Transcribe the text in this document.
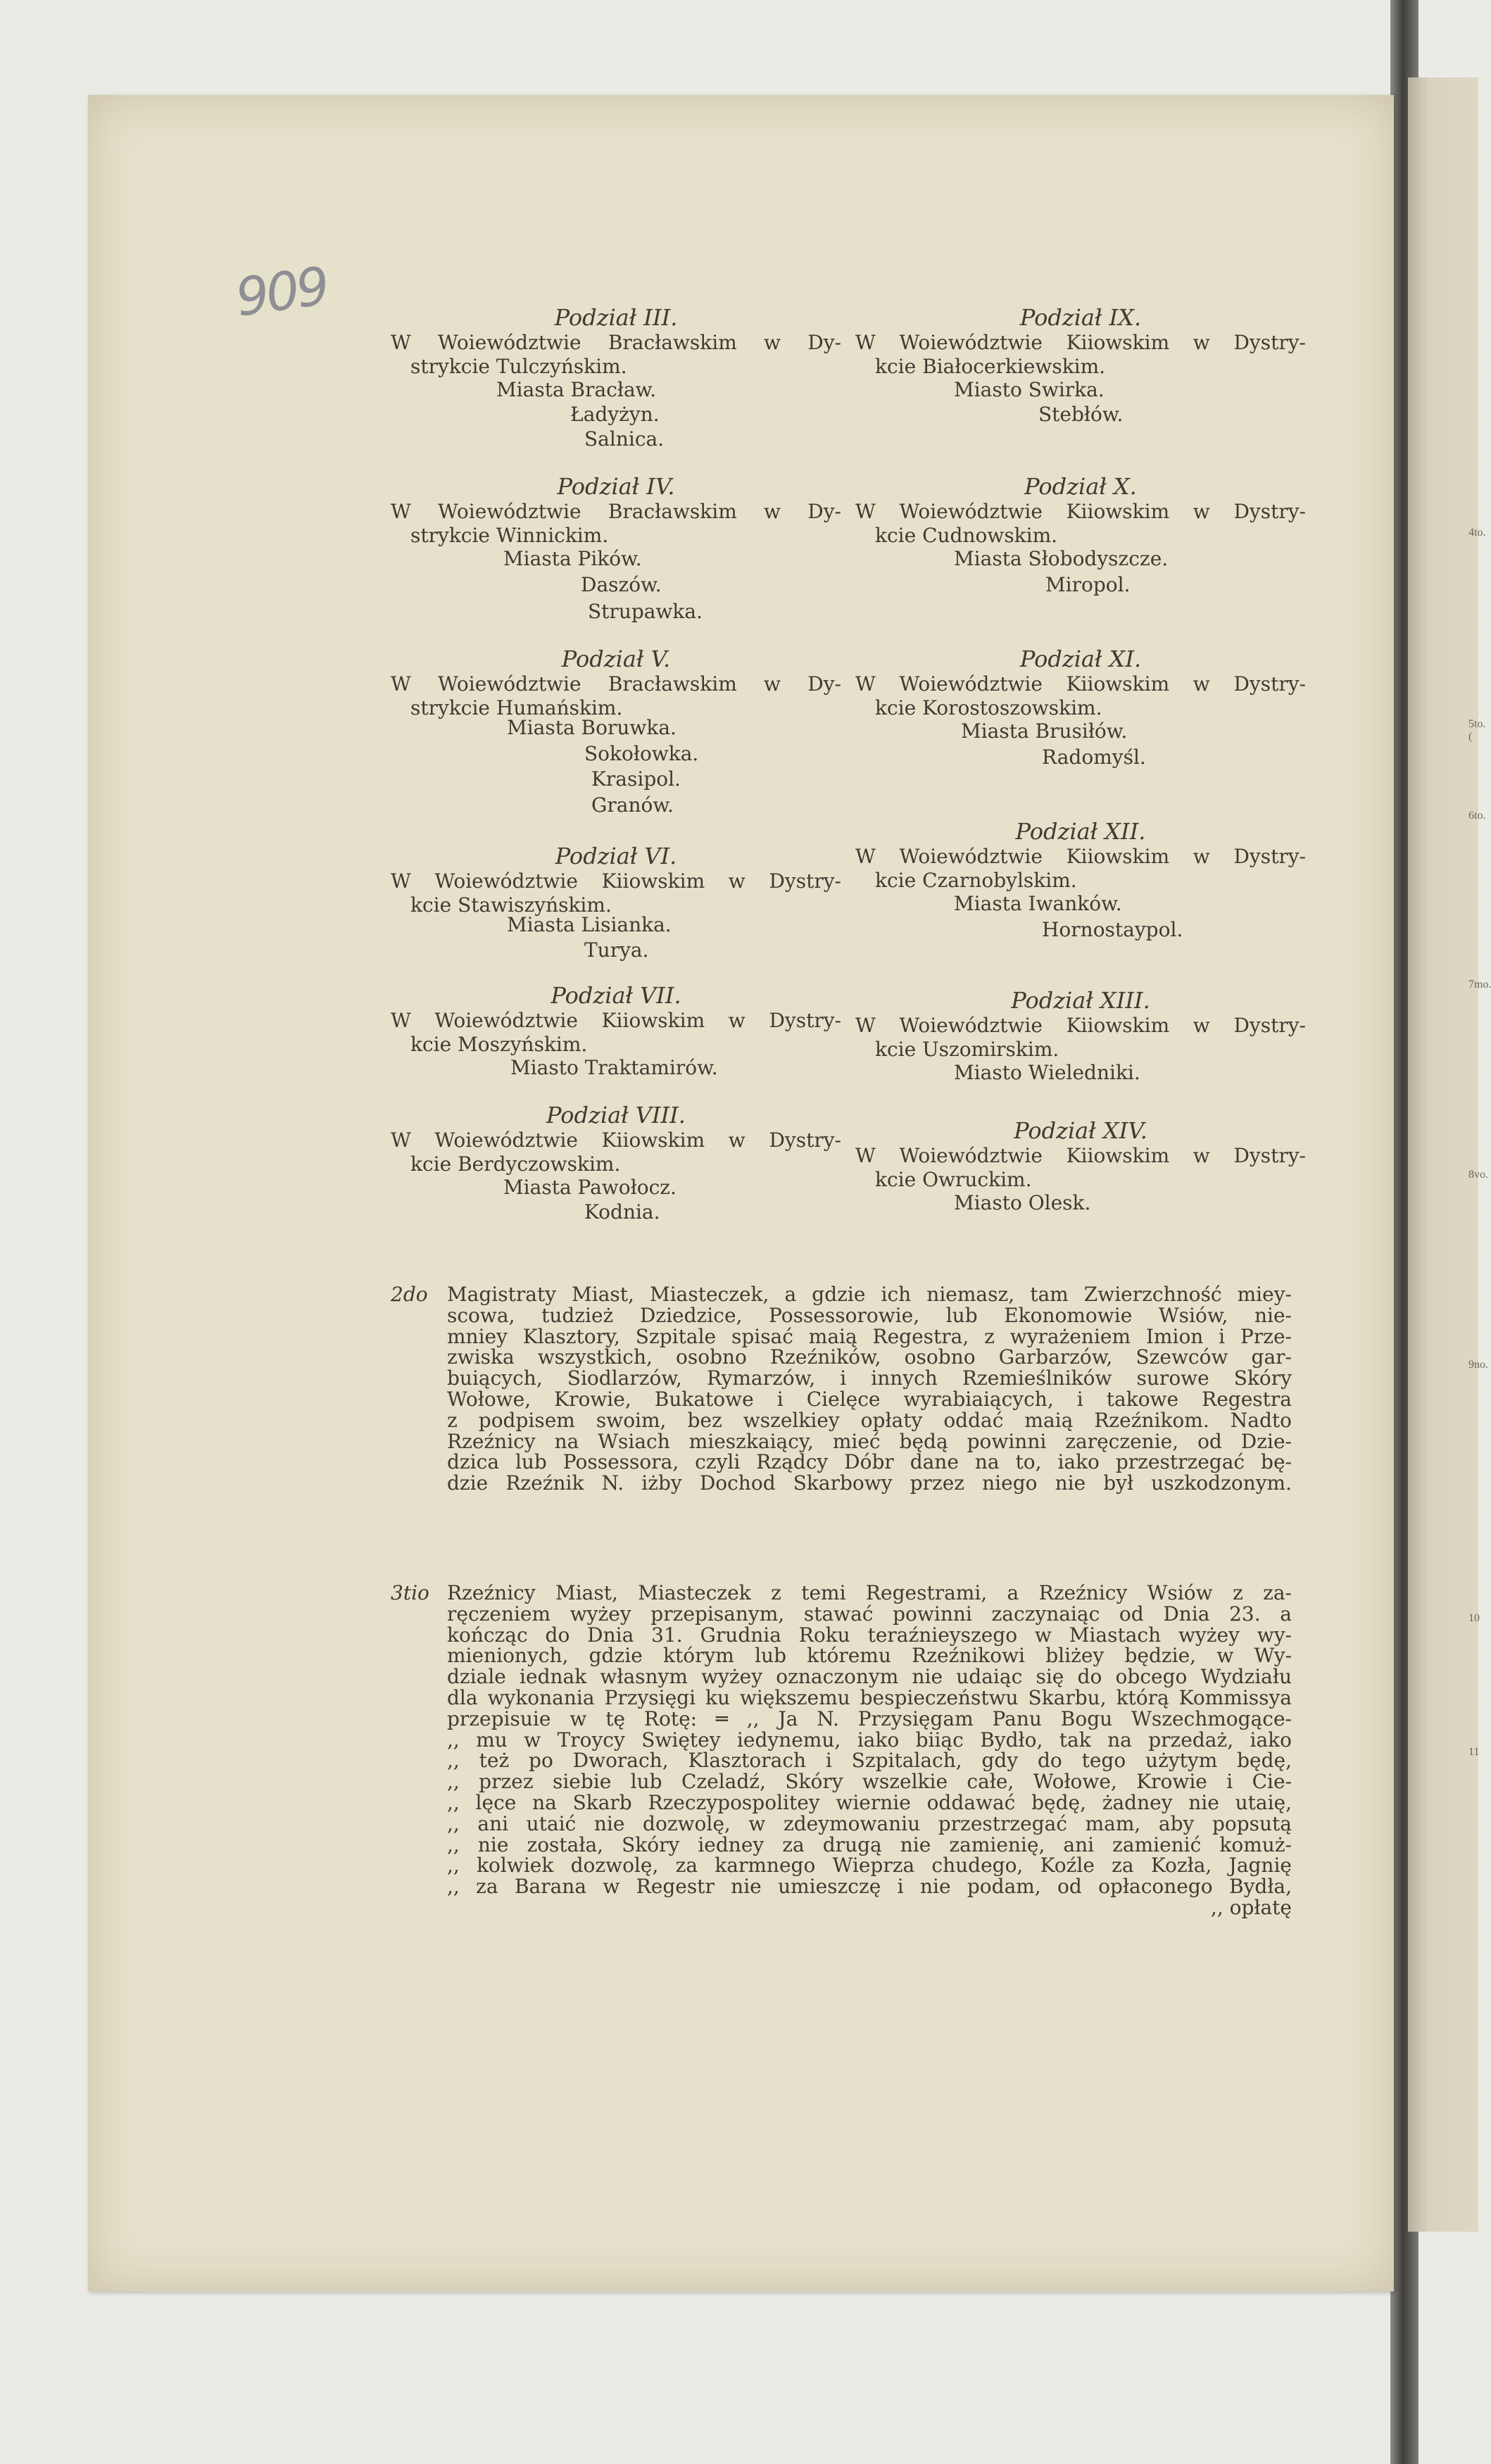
4to.
5to. (
6to.
7mo.
8vo.
9no.
10
11
909	Podział III.
W Woiewództwie Bracławskim w Dy-
strykcie Tulczyńskim.
Miasta Bracław.
Ładyżyn.
Salnica.
Podział IV.
W Woiewództwie Bracławskim w Dy-
strykcie Winnickim.
Miasta Pików.
Daszów.
Strupawka.
Podział V.
W Woiewództwie Bracławskim w Dy-
strykcie Humańskim.
Miasta Boruwka.
Sokołowka.
Krasipol.
Granów.
Podział VI.
W Woiewództwie Kiiowskim w Dystry-
kcie Stawiszyńskim.
Miasta Lisianka.
Turya.
Podział VII.
W Woiewództwie Kiiowskim w Dystry-
kcie Moszyńskim.
Miasto Traktamirów.
Podział VIII.
W Woiewództwie Kiiowskim w Dystry-
kcie Berdyczowskim.
Miasta Pawołocz.
Kodnia.
Podział IX.
W Woiewództwie Kiiowskim w Dystry-
kcie Białocerkiewskim.
Miasto Swirka.
Stebłów.
Podział X.
W Woiewództwie Kiiowskim w Dystry-
kcie Cudnowskim.
Miasta Słobodyszcze.
Miropol.
Podział XI.
W Woiewództwie Kiiowskim w Dystry-
kcie Korostoszowskim.
Miasta Brusiłów.
Radomyśl.
Podział XII.
W Woiewództwie Kiiowskim w Dystry-
kcie Czarnobylskim.
Miasta Iwanków.
Hornostaypol.
Podział XIII.
W Woiewództwie Kiiowskim w Dystry-
kcie Uszomirskim.
Miasto Wieledniki.
Podział XIV.
W Woiewództwie Kiiowskim w Dystry-
kcie Owruckim.
Miasto Olesk.
2do Magistraty Miast, Miasteczek, a gdzie ich niemasz, tam Zwierzchność miey-
scowa, tudzież Dziedzice, Possessorowie, lub Ekonomowie Wsiów, nie-
mniey Klasztory, Szpitale spisać maią Regestra, z wyrażeniem Imion i Prze-
zwiska wszystkich, osobno Rzeźników, osobno Garbarzów, Szewców gar-
buiących, Siodlarzów, Rymarzów, i innych Rzemieślników surowe Skóry
Wołowe, Krowie, Bukatowe i Cielęce wyrabiaiących, i takowe Regestra
z podpisem swoim, bez wszelkiey opłaty oddać maią Rzeźnikom. Nadto
Rzeźnicy na Wsiach mieszkaiący, mieć będą powinni zaręczenie, od Dzie-
dzica lub Possessora, czyli Rządcy Dóbr dane na to, iako przestrzegać bę-
dzie Rzeźnik N. iżby Dochod Skarbowy przez niego nie był uszkodzonym.
3tio Rzeźnicy Miast, Miasteczek z temi Regestrami, a Rzeźnicy Wsiów z za-
ręczeniem wyżey przepisanym, stawać powinni zaczynaiąc od Dnia 23. a
kończąc do Dnia 31. Grudnia Roku teraźnieyszego w Miastach wyżey wy-
mienionych, gdzie którym lub któremu Rzeźnikowi bliżey będzie, w Wy-
dziale iednak własnym wyżey oznaczonym nie udaiąc się do obcego Wydziału
dla wykonania Przysięgi ku większemu bespieczeństwu Skarbu, którą Kommissya
przepisuie w tę Rotę: ═ ,, Ja N. Przysięgam Panu Bogu Wszechmogące-
,, mu w Troycy Swiętey iedynemu, iako biiąc Bydło, tak na przedaż, iako
,, też po Dworach, Klasztorach i Szpitalach, gdy do tego użytym będę,
,, przez siebie lub Czeladź, Skóry wszelkie całe, Wołowe, Krowie i Cie-
,, lęce na Skarb Rzeczypospolitey wiernie oddawać będę, żadney nie utaię,
,, ani utaić nie dozwolę, w zdeymowaniu przestrzegać mam, aby popsutą
,, nie została, Skóry iedney za drugą nie zamienię, ani zamienić komuż-
,, kolwiek dozwolę, za karmnego Wieprza chudego, Koźle za Kozła, Jagnię
,, za Barana w Regestr nie umieszczę i nie podam, od opłaconego Bydła,
,, opłatę
